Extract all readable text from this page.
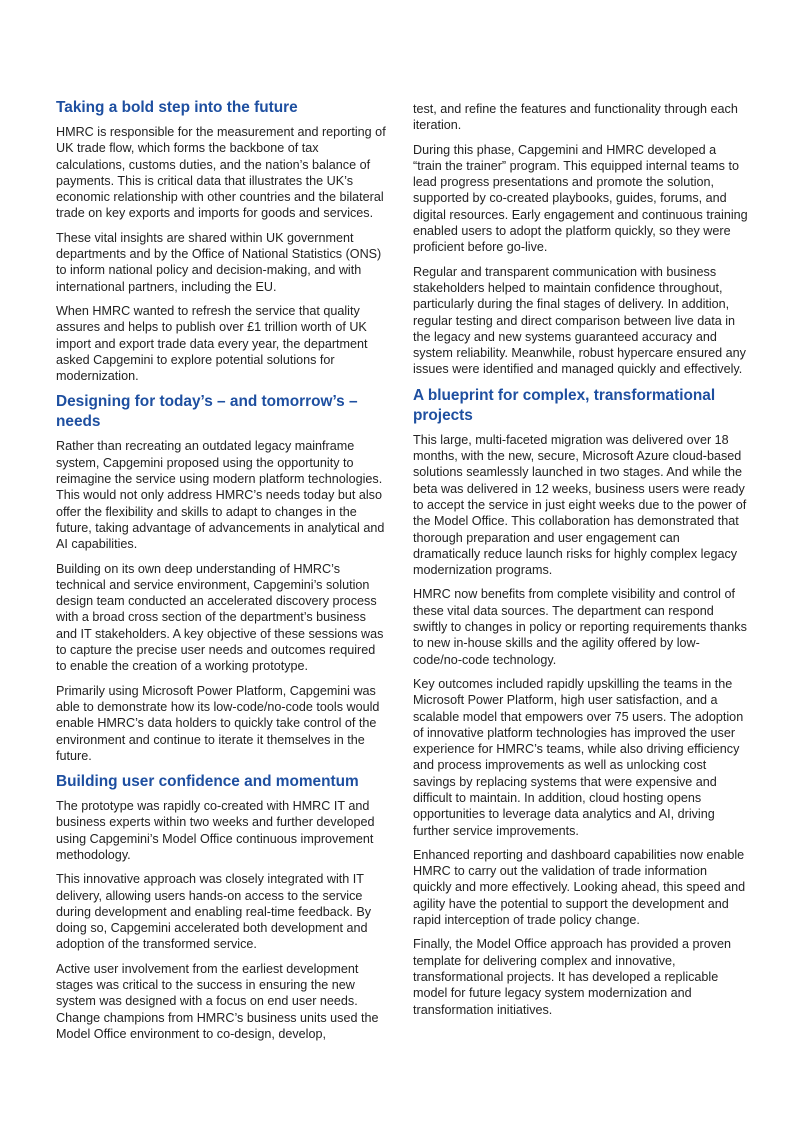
Taking a bold step into the future

HMRC is responsible for the measurement and reporting of UK trade flow, which forms the backbone of tax calculations, customs duties, and the nation’s balance of payments. This is critical data that illustrates the UK’s economic relationship with other countries and the bilateral trade on key exports and imports for goods and services.

These vital insights are shared within UK government departments and by the Office of National Statistics (ONS) to inform national policy and decision-making, and with international partners, including the EU.

When HMRC wanted to refresh the service that quality assures and helps to publish over £1 trillion worth of UK import and export trade data every year, the department asked Capgemini to explore potential solutions for modernization.

Designing for today’s – and tomorrow’s – needs

Rather than recreating an outdated legacy mainframe system, Capgemini proposed using the opportunity to reimagine the service using modern platform technologies. This would not only address HMRC’s needs today but also offer the flexibility and skills to adapt to changes in the future, taking advantage of advancements in analytical and AI capabilities.

Building on its own deep understanding of HMRC’s technical and service environment, Capgemini’s solution design team conducted an accelerated discovery process with a broad cross section of the department’s business and IT stakeholders. A key objective of these sessions was to capture the precise user needs and outcomes required to enable the creation of a working prototype.

Primarily using Microsoft Power Platform, Capgemini was able to demonstrate how its low-code/no-code tools would enable HMRC’s data holders to quickly take control of the environment and continue to iterate it themselves in the future.

Building user confidence and momentum

The prototype was rapidly co-created with HMRC IT and business experts within two weeks and further developed using Capgemini’s Model Office continuous improvement methodology.

This innovative approach was closely integrated with IT delivery, allowing users hands-on access to the service during development and enabling real-time feedback. By doing so, Capgemini accelerated both development and adoption of the transformed service.

Active user involvement from the earliest development stages was critical to the success in ensuring the new system was designed with a focus on end user needs. Change champions from HMRC’s business units used the Model Office environment to co-design, develop,

test, and refine the features and functionality through each iteration.

During this phase, Capgemini and HMRC developed a “train the trainer” program. This equipped internal teams to lead progress presentations and promote the solution, supported by co-created playbooks, guides, forums, and digital resources. Early engagement and continuous training enabled users to adopt the platform quickly, so they were proficient before go-live.

Regular and transparent communication with business stakeholders helped to maintain confidence throughout, particularly during the final stages of delivery. In addition, regular testing and direct comparison between live data in the legacy and new systems guaranteed accuracy and system reliability. Meanwhile, robust hypercare ensured any issues were identified and managed quickly and effectively.

A blueprint for complex, transformational projects

This large, multi-faceted migration was delivered over 18 months, with the new, secure, Microsoft Azure cloud-based solutions seamlessly launched in two stages. And while the beta was delivered in 12 weeks, business users were ready to accept the service in just eight weeks due to the power of the Model Office. This collaboration has demonstrated that thorough preparation and user engagement can dramatically reduce launch risks for highly complex legacy modernization programs.

HMRC now benefits from complete visibility and control of these vital data sources. The department can respond swiftly to changes in policy or reporting requirements thanks to new in-house skills and the agility offered by low-code/no-code technology.

Key outcomes included rapidly upskilling the teams in the Microsoft Power Platform, high user satisfaction, and a scalable model that empowers over 75 users. The adoption of innovative platform technologies has improved the user experience for HMRC’s teams, while also driving efficiency and process improvements as well as unlocking cost savings by replacing systems that were expensive and difficult to maintain. In addition, cloud hosting opens opportunities to leverage data analytics and AI, driving further service improvements.

Enhanced reporting and dashboard capabilities now enable HMRC to carry out the validation of trade information quickly and more effectively. Looking ahead, this speed and agility have the potential to support the development and rapid interception of trade policy change.

Finally, the Model Office approach has provided a proven template for delivering complex and innovative, transformational projects. It has developed a replicable model for future legacy system modernization and transformation initiatives.
